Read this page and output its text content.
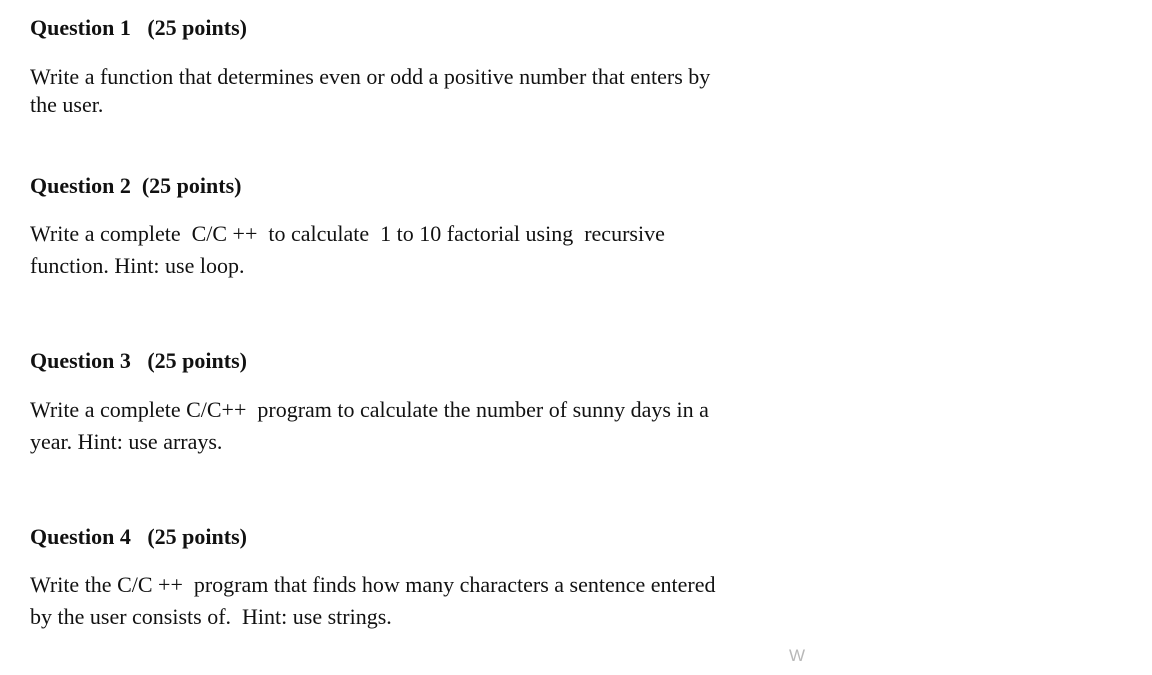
Question 1   (25 points)
Write a function that determines even or odd a positive number that enters by
the user.
Question 2  (25 points)
Write a complete  C/C ++  to calculate  1 to 10 factorial using  recursive
function. Hint: use loop.
Question 3   (25 points)
Write a complete C/C++  program to calculate the number of sunny days in a
year. Hint: use arrays.
Question 4   (25 points)
Write the C/C ++  program that finds how many characters a sentence entered
by the user consists of.  Hint: use strings.
W
